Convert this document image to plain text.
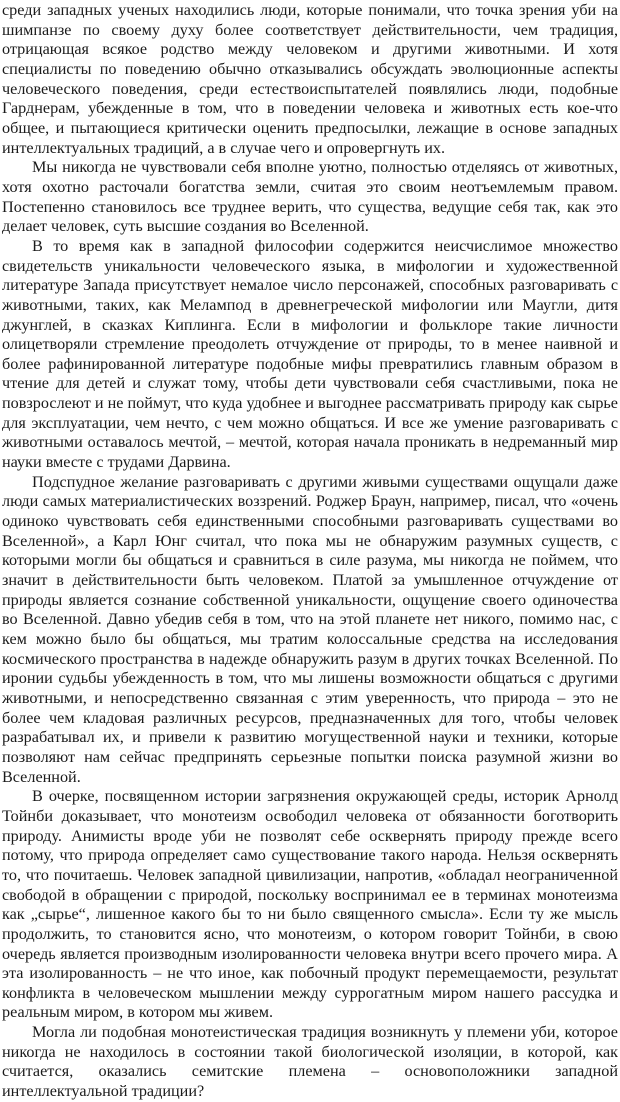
среди западных ученых находились люди, которые понимали, что точка зрения уби на шимпанзе по своему духу более соответствует действительности, чем традиция, отрицающая всякое родство между человеком и другими животными. И хотя специалисты по поведению обычно отказывались обсуждать эволюционные аспекты человеческого поведения, среди естествоиспытателей появлялись люди, подобные Гарднерам, убежденные в том, что в поведении человека и животных есть кое-что общее, и пытающиеся критически оценить предпосылки, лежащие в основе западных интеллектуальных традиций, а в случае чего и опровергнуть их.

Мы никогда не чувствовали себя вполне уютно, полностью отделяясь от животных, хотя охотно расточали богатства земли, считая это своим неотъемлемым правом. Постепенно становилось все труднее верить, что существа, ведущие себя так, как это делает человек, суть высшие создания во Вселенной.

В то время как в западной философии содержится неисчислимое множество свидетельств уникальности человеческого языка, в мифологии и художественной литературе Запада присутствует немалое число персонажей, способных разговаривать с животными, таких, как Мелампод в древнегреческой мифологии или Маугли, дитя джунглей, в сказках Киплинга. Если в мифологии и фольклоре такие личности олицетворяли стремление преодолеть отчуждение от природы, то в менее наивной и более рафинированной литературе подобные мифы превратились главным образом в чтение для детей и служат тому, чтобы дети чувствовали себя счастливыми, пока не повзрослеют и не поймут, что куда удобнее и выгоднее рассматривать природу как сырье для эксплуатации, чем нечто, с чем можно общаться. И все же умение разговаривать с животными оставалось мечтой, – мечтой, которая начала проникать в недреманный мир науки вместе с трудами Дарвина.

Подспудное желание разговаривать с другими живыми существами ощущали даже люди самых материалистических воззрений. Роджер Браун, например, писал, что «очень одиноко чувствовать себя единственными способными разговаривать существами во Вселенной», а Карл Юнг считал, что пока мы не обнаружим разумных существ, с которыми могли бы общаться и сравниться в силе разума, мы никогда не поймем, что значит в действительности быть человеком. Платой за умышленное отчуждение от природы является сознание собственной уникальности, ощущение своего одиночества во Вселенной. Давно убедив себя в том, что на этой планете нет никого, помимо нас, с кем можно было бы общаться, мы тратим колоссальные средства на исследования космического пространства в надежде обнаружить разум в других точках Вселенной. По иронии судьбы убежденность в том, что мы лишены возможности общаться с другими животными, и непосредственно связанная с этим уверенность, что природа – это не более чем кладовая различных ресурсов, предназначенных для того, чтобы человек разрабатывал их, и привели к развитию могущественной науки и техники, которые позволяют нам сейчас предпринять серьезные попытки поиска разумной жизни во Вселенной.

В очерке, посвященном истории загрязнения окружающей среды, историк Арнолд Тойнби доказывает, что монотеизм освободил человека от обязанности боготворить природу. Анимисты вроде уби не позволят себе осквернять природу прежде всего потому, что природа определяет само существование такого народа. Нельзя осквернять то, что почитаешь. Человек западной цивилизации, напротив, «обладал неограниченной свободой в обращении с природой, поскольку воспринимал ее в терминах монотеизма как „сырье“, лишенное какого бы то ни было священного смысла». Если ту же мысль продолжить, то становится ясно, что монотеизм, о котором говорит Тойнби, в свою очередь является производным изолированности человека внутри всего прочего мира. А эта изолированность – не что иное, как побочный продукт перемещаемости, результат конфликта в человеческом мышлении между суррогатным миром нашего рассудка и реальным миром, в котором мы живем.

Могла ли подобная монотеистическая традиция возникнуть у племени уби, которое никогда не находилось в состоянии такой биологической изоляции, в которой, как считается, оказались семитские племена – основоположники западной интеллектуальной традиции?
